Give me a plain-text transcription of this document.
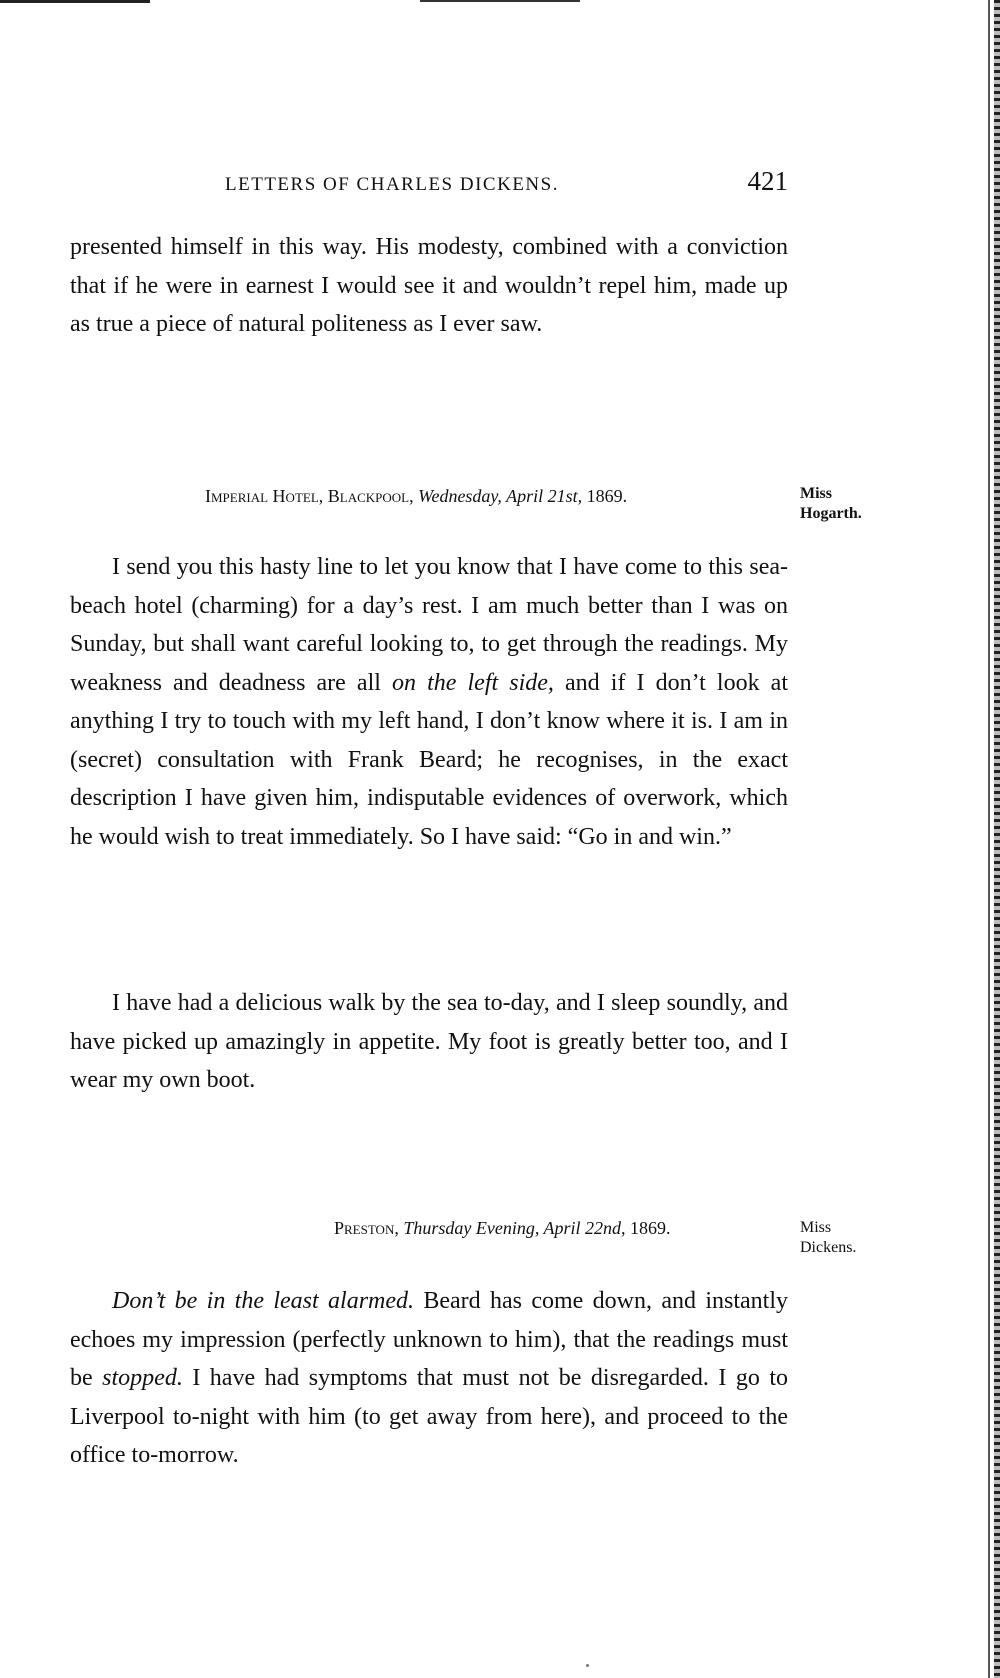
LETTERS OF CHARLES DICKENS.	421

presented himself in this way. His modesty, combined with a conviction that if he were in earnest I would see it and wouldn’t repel him, made up as true a piece of natural politeness as I ever saw.

Imperial Hotel, Blackpool, Wednesday, April 21st, 1869.	Miss
Hogarth.

I send you this hasty line to let you know that I have come to this sea-beach hotel (charming) for a day’s rest. I am much better than I was on Sunday, but shall want careful looking to, to get through the readings. My weakness and deadness are all on the left side, and if I don’t look at anything I try to touch with my left hand, I don’t know where it is. I am in (secret) consultation with Frank Beard; he recognises, in the exact description I have given him, indisputable evidences of overwork, which he would wish to treat immediately. So I have said: “Go in and win.”

I have had a delicious walk by the sea to-day, and I sleep soundly, and have picked up amazingly in appetite. My foot is greatly better too, and I wear my own boot.

Preston, Thursday Evening, April 22nd, 1869.	Miss
Dickens.

Don’t be in the least alarmed. Beard has come down, and instantly echoes my impression (perfectly unknown to him), that the readings must be stopped. I have had symptoms that must not be disregarded. I go to Liverpool to-night with him (to get away from here), and proceed to the office to-morrow.
